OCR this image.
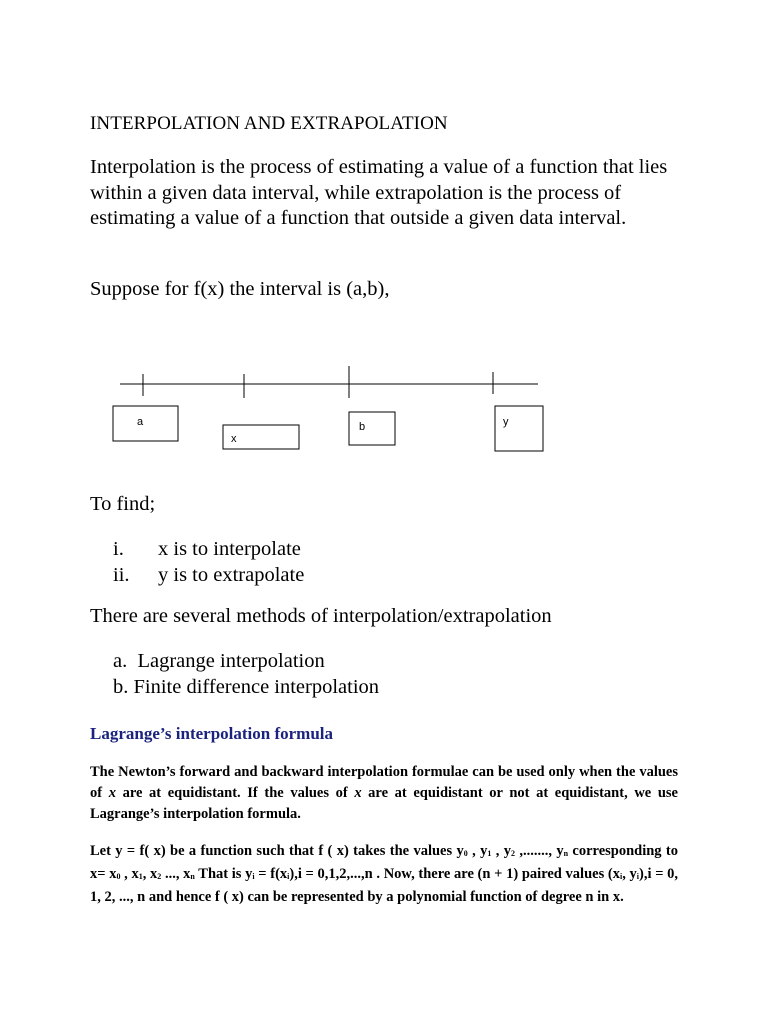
INTERPOLATION AND EXTRAPOLATION
Interpolation is the process of estimating a value of a function that lies within a given data interval, while extrapolation is the process of estimating a value of a function that outside a given data interval.
Suppose for f(x) the interval is (a,b),
a
x
b	y
To find;
i. x is to interpolate
ii. y is to extrapolate
There are several methods of interpolation/extrapolation
a.  Lagrange interpolation
b. Finite difference interpolation
Lagrange’s interpolation formula
The Newton’s forward and backward interpolation formulae can be used only when the values of x are at equidistant. If the values of x are at equidistant or not at equidistant, we use Lagrange’s interpolation formula.
Let y = f( x) be a function such that f ( x) takes the values $y_0$ , $y_1$ , $y_2$ ,......., $y_n$ corresponding to $x= x_0$ , $x_1$, $x_2$ ..., $x_n$ That is $y_i = f(x_i),i = 0,1,2,...,n$ . Now, there are (n + 1) paired values ($x_i$, $y_i),i = 0$, 1, 2, ..., n and hence f ( x) can be represented by a polynomial function of degree n in x.
